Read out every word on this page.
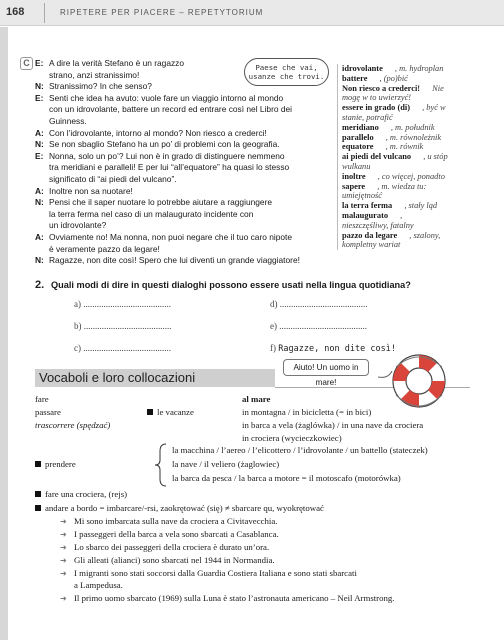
168	RIPETERE PER PIACERE – REPETYTORIUM
C E: A dire la verità Stefano è un ragazzo
strano, anzi stranissimo!
N: Stranissimo? In che senso?
E: Senti che idea ha avuto: vuole fare un viaggio intorno al mondo
con un idrovolante, battere un record ed entrare così nel Libro dei
Guinness.
A: Con l’idrovolante, intorno al mondo? Non riesco a crederci!
N: Se non sbaglio Stefano ha un po’ di problemi con la geografia.
E: Nonna, solo un po’? Lui non è in grado di distinguere nemmeno
tra meridiani e paralleli! E per lui “all’equatore” ha quasi lo stesso
significato di “ai piedi del vulcano”.
A: Inoltre non sa nuotare!
N: Pensi che il saper nuotare lo potrebbe aiutare a raggiungere
la terra ferma nel caso di un malaugurato incidente con
un idrovolante?
A: Ovviamente no! Ma nonna, non puoi negare che il tuo caro nipote
è veramente pazzo da legare!
N: Ragazze, non dite così! Spero che lui diventi un grande viaggiatore!
Paese che vai,
usanze che trovi.
idrovolante , m. hydroplan
battere , (po)bić
Non riesco a crederci! Nie mogę w to uwierzyć!
essere in grado (di) , być w stanie, potrafić
meridiano , m. południk
parallelo , m. równoleżnik
equatore , m. równik
ai piedi del vulcano , u stóp wulkanu
inoltre , co więcej, ponadto
sapere , m. wiedza tu: umiejętność
la terra ferma , stały ląd
malaugurato , nieszczęśliwy, fatalny
pazzo da legare , szalony, kompletny wariat
2. Quali modi di dire in questi dialoghi possono essere usati nella lingua quotidiana?
a) .......................................	d) .......................................
b) .......................................	e) .......................................
c) .......................................	f) Ragazze, non dite così!
Vocaboli e loro collocazioni
Aiuto! Un uomo in mare!
fare
passare
trascorrere (spędzać)
le vacanze
al mare
in montagna / in bicicletta (= in bici)
in barca a vela (żaglówka) / in una nave da crociera
in crociera (wycieczkowiec)
prendere
la macchina / l’aereo / l’elicottero / l’idrovolante / un battello (stateczek)
la nave / il veliero (żaglowiec)
la barca da pesca / la barca a motore = il motoscafo (motorówka)
fare una crociera, (rejs)
andare a bordo = imbarcare/-rsi, zaokrętować (się) ≠ sbarcare qu, wyokrętować
➜ Mi sono imbarcata sulla nave da crociera a Civitavecchia.
➜ I passeggeri della barca a vela sono sbarcati a Casablanca.
➜ Lo sbarco dei passeggeri della crociera è durato un’ora.
➜ Gli alleati (alianci) sono sbarcati nel 1944 in Normandia.
➜ I migranti sono stati soccorsi dalla Guardia Costiera Italiana e sono stati sbarcati
a Lampedusa.
➜ Il primo uomo sbarcato (1969) sulla Luna è stato l’astronauta americano – Neil Armstrong.
